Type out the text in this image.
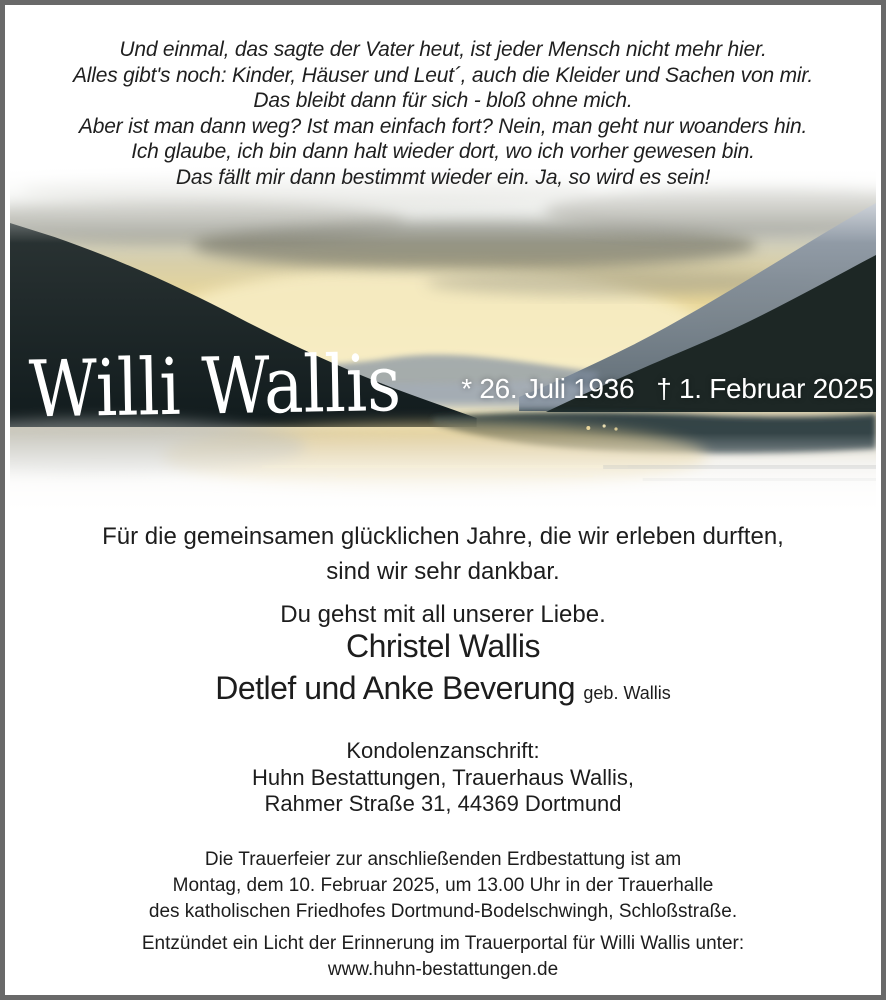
Und einmal, das sagte der Vater heut, ist jeder Mensch nicht mehr hier.
Alles gibt's noch: Kinder, Häuser und Leut´, auch die Kleider und Sachen von mir.
Das bleibt dann für sich - bloß ohne mich.
Aber ist man dann weg? Ist man einfach fort? Nein, man geht nur woanders hin.
Ich glaube, ich bin dann halt wieder dort, wo ich vorher gewesen bin.
Das fällt mir dann bestimmt wieder ein. Ja, so wird es sein!
Willi Wallis
* 26. Juli 1936 † 1. Februar 2025
Für die gemeinsamen glücklichen Jahre, die wir erleben durften,
sind wir sehr dankbar.
Du gehst mit all unserer Liebe.
Christel Wallis
Detlef und Anke Beverung geb. Wallis
Kondolenzanschrift:
Huhn Bestattungen, Trauerhaus Wallis,
Rahmer Straße 31, 44369 Dortmund
Die Trauerfeier zur anschließenden Erdbestattung ist am
Montag, dem 10. Februar 2025, um 13.00 Uhr in der Trauerhalle
des katholischen Friedhofes Dortmund-Bodelschwingh, Schloßstraße.
Entzündet ein Licht der Erinnerung im Trauerportal für Willi Wallis unter:
www.huhn-bestattungen.de
